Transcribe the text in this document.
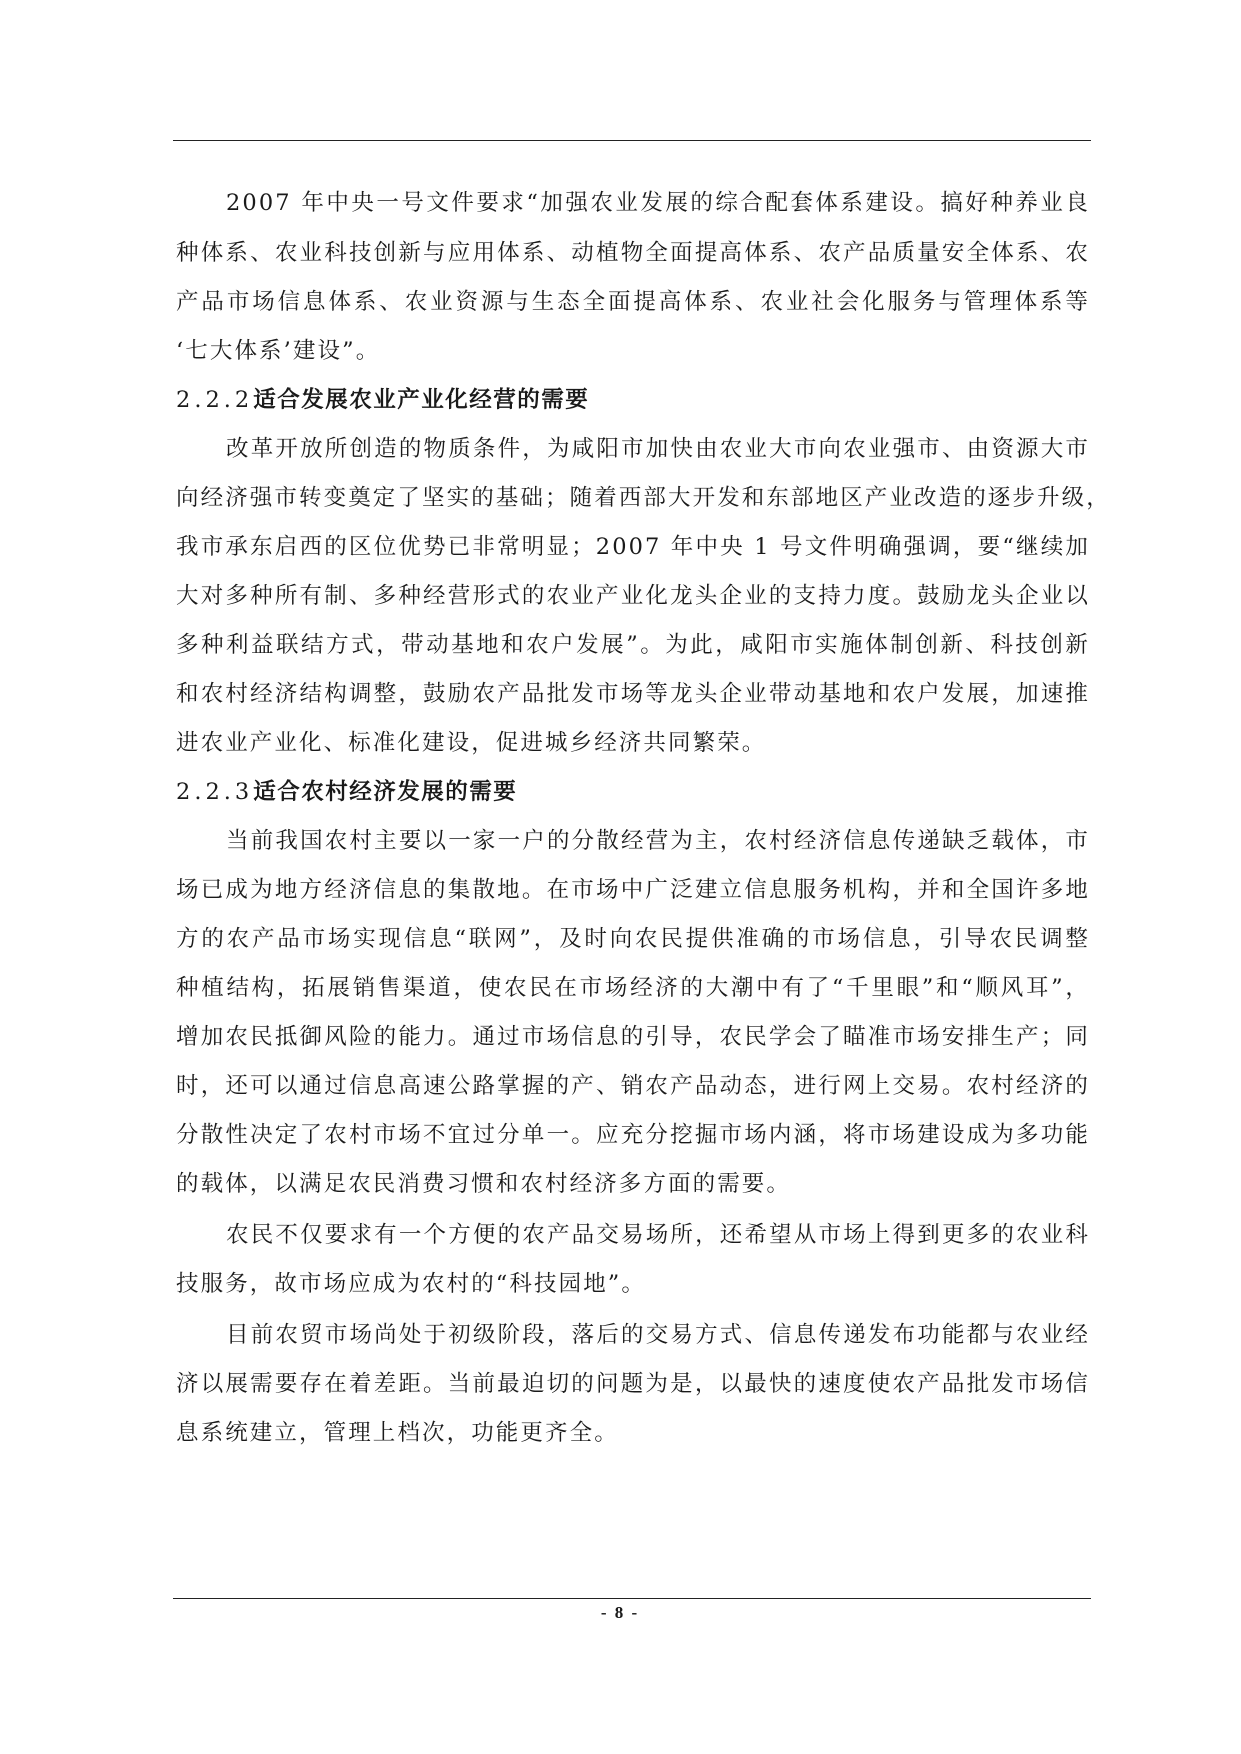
2007 年中央一号文件要求“加强农业发展的综合配套体系建设。搞好种养业良
种体系、农业科技创新与应用体系、动植物全面提高体系、农产品质量安全体系、农
产品市场信息体系、农业资源与生态全面提高体系、农业社会化服务与管理体系等
‘七大体系’建设”。
2.2.2适合发展农业产业化经营的需要
改革开放所创造的物质条件，为咸阳市加快由农业大市向农业强市、由资源大市
向经济强市转变奠定了坚实的基础；随着西部大开发和东部地区产业改造的逐步升级，
我市承东启西的区位优势已非常明显；2007 年中央 1 号文件明确强调，要“继续加
大对多种所有制、多种经营形式的农业产业化龙头企业的支持力度。鼓励龙头企业以
多种利益联结方式，带动基地和农户发展”。为此，咸阳市实施体制创新、科技创新
和农村经济结构调整，鼓励农产品批发市场等龙头企业带动基地和农户发展，加速推
进农业产业化、标准化建设，促进城乡经济共同繁荣。
2.2.3适合农村经济发展的需要
当前我国农村主要以一家一户的分散经营为主，农村经济信息传递缺乏载体，市
场已成为地方经济信息的集散地。在市场中广泛建立信息服务机构，并和全国许多地
方的农产品市场实现信息“联网”，及时向农民提供准确的市场信息，引导农民调整
种植结构，拓展销售渠道，使农民在市场经济的大潮中有了“千里眼”和“顺风耳”，
增加农民抵御风险的能力。通过市场信息的引导，农民学会了瞄准市场安排生产；同
时，还可以通过信息高速公路掌握的产、销农产品动态，进行网上交易。农村经济的
分散性决定了农村市场不宜过分单一。应充分挖掘市场内涵，将市场建设成为多功能
的载体，以满足农民消费习惯和农村经济多方面的需要。
农民不仅要求有一个方便的农产品交易场所，还希望从市场上得到更多的农业科
技服务，故市场应成为农村的“科技园地”。
目前农贸市场尚处于初级阶段，落后的交易方式、信息传递发布功能都与农业经
济以展需要存在着差距。当前最迫切的问题为是，以最快的速度使农产品批发市场信
息系统建立，管理上档次，功能更齐全。
- 8 -
